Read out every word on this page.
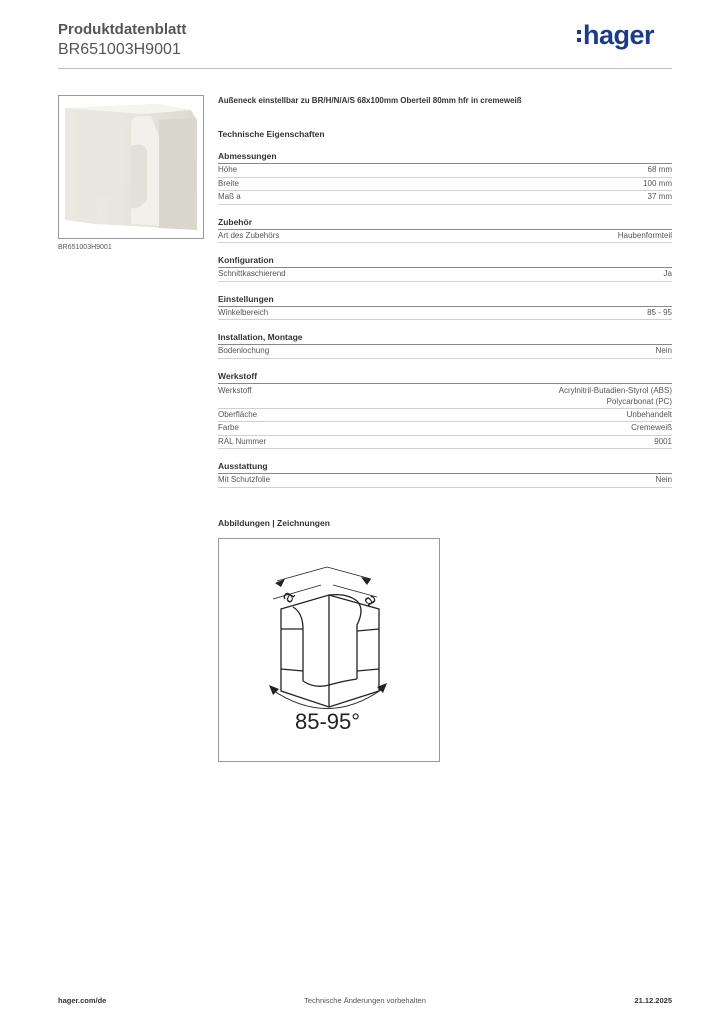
Produktdatenblatt
BR651003H9001	hager
BR651003H9001
Außeneck einstellbar zu BR/H/N/A/S 68x100mm Oberteil 80mm hfr in cremeweiß
Technische Eigenschaften
Abmessungen
Höhe	68 mm
Breite	100 mm
Maß a	37 mm
Zubehör
Art des Zubehörs	Haubenformteil
Konfiguration
Schnittkaschierend	Ja
Einstellungen
Winkelbereich	85 - 95
Installation, Montage
Bodenlochung	Nein
Werkstoff
Werkstoff	Acrylnitril-Butadien-Styrol (ABS)
Polycarbonat (PC)
Oberfläche	Unbehandelt
Farbe	Cremeweiß
RAL Nummer	9001
Ausstattung
Mit Schutzfolie	Nein
Abbildungen | Zeichnungen
a	a
85-95°
Technische Änderungen vorbehalten
hager.com/de	21.12.2025
